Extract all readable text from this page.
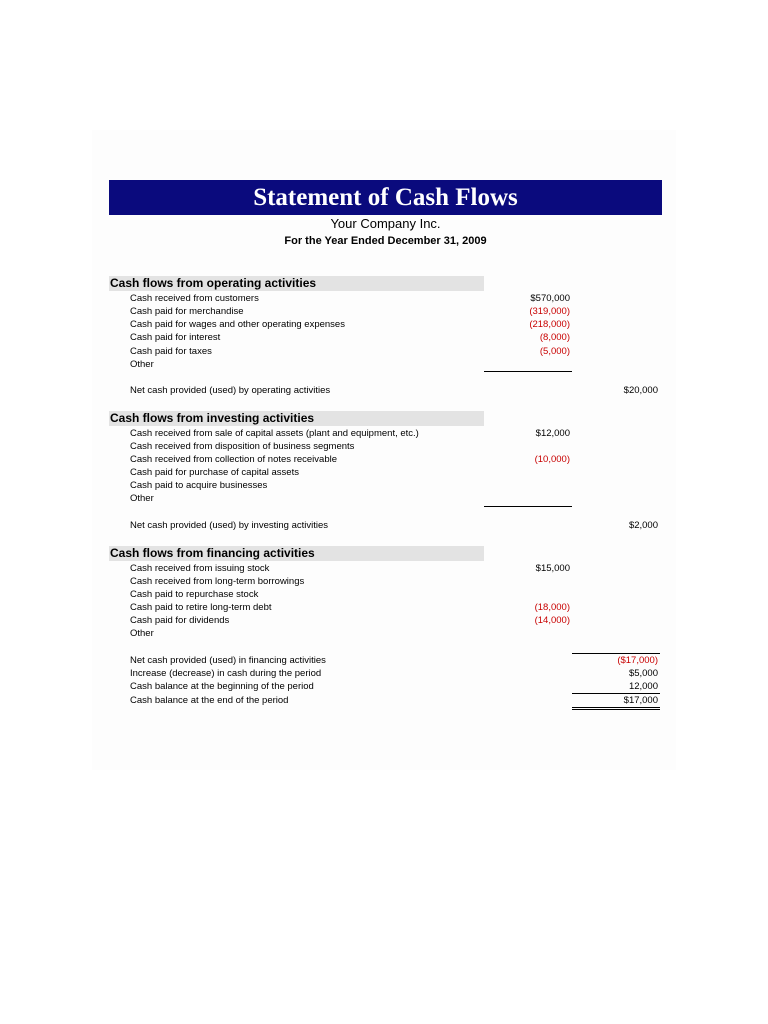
Statement of Cash Flows
Your Company Inc.
For the Year Ended December 31, 2009
Cash flows from operating activities
Cash received from customers	$570,000
Cash paid for merchandise	(319,000)
Cash paid for wages and other operating expenses	(218,000)
Cash paid for interest	(8,000)
Cash paid for taxes	(5,000)
Other
Net cash provided (used) by operating activities	$20,000
Cash flows from investing activities
Cash received from sale of capital assets (plant and equipment, etc.)	$12,000
Cash received from disposition of business segments
Cash received from collection of notes receivable	(10,000)
Cash paid for purchase of capital assets
Cash paid to acquire businesses
Other
Net cash provided (used) by investing activities	$2,000
Cash flows from financing activities
Cash received from issuing stock	$15,000
Cash received from long-term borrowings
Cash paid to repurchase stock
Cash paid to retire long-term debt	(18,000)
Cash paid for dividends	(14,000)
Other
Net cash provided (used) in financing activities	($17,000)
Increase (decrease) in cash during the period	$5,000
Cash balance at the beginning of the period	12,000
Cash balance at the end of the period	$17,000
